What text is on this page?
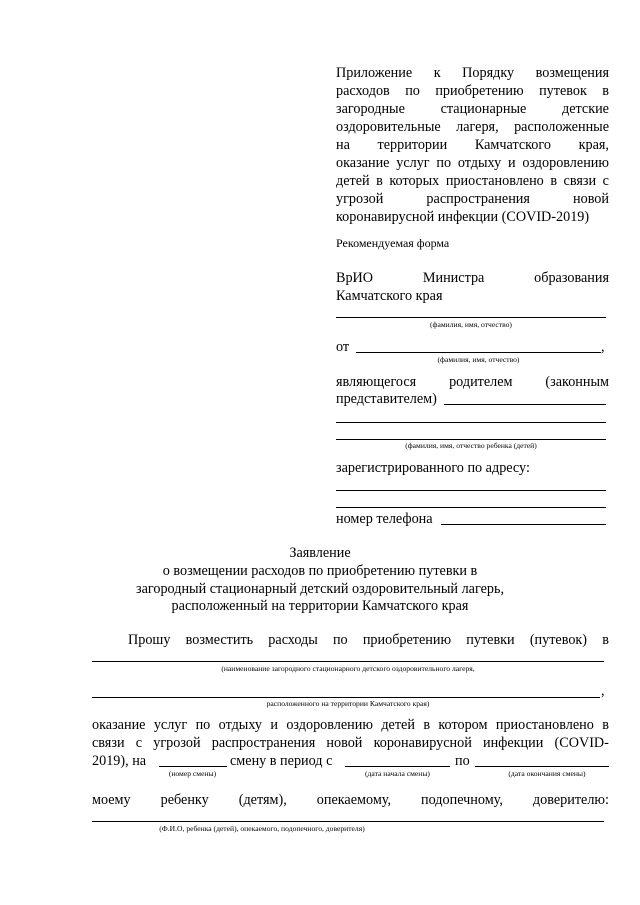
Приложение к Порядку возмещения
расходов по приобретению путевок в
загородные	стационарные	детские
оздоровительные лагеря, расположенные
на территории Камчатского края,
оказание услуг по отдыху и оздоровлению
детей в которых приостановлено в связи с
угрозой	распространения	новой
коронавирусной инфекции (COVID-2019)
Рекомендуемая форма
ВрИО	Министра	образования
Камчатского края
(фамилия, имя, отчество)
от	,
(фамилия, имя, отчество)
являющегося родителем (законным
представителем)
(фамилия, имя, отчество ребенка (детей)
зарегистрированного по адресу:
номер телефона
Заявление
о возмещении расходов по приобретению путевки в
загородный стационарный детский оздоровительный лагерь,
расположенный на территории Камчатского края
Прошу возместить расходы по приобретению путевки (путевок) в
(наименование загородного стационарного детского оздоровительного лагеря,
,
расположенного на территории Камчатского края)
оказание услуг по отдыху и оздоровлению детей в котором приостановлено в
связи с угрозой распространения новой коронавирусной инфекции (COVID-
2019), на	смену в период с	по
(номер смены)	(дата начала смены)	(дата окончания смены)
моему ребенку (детям), опекаемому, подопечному, доверителю:
(Ф.И.О, ребенка (детей), опекаемого, подопечного, доверителя)
